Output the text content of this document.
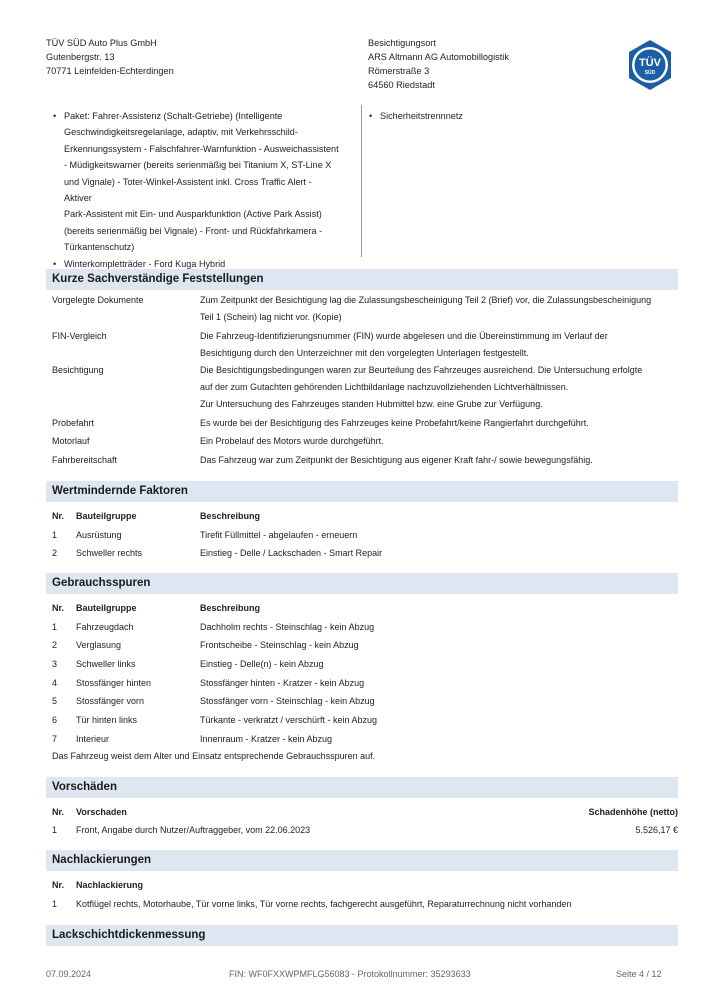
TÜV SÜD Auto Plus GmbH
Gutenbergstr. 13
70771 Leinfelden-Echterdingen
Besichtigungsort
ARS Altmann AG Automobillogistik
Römerstraße 3
64560 Riedstadt
TÜV
SÜD
• Paket: Fahrer-Assistenz (Schalt-Getriebe) (Intelligente
Geschwindigkeitsregelanlage, adaptiv, mit Verkehrsschild-
Erkennungssystem - Falschfahrer-Warnfunktion - Ausweichassistent
- Müdigkeitswarner (bereits serienmäßig bei Titanium X, ST-Line X
und Vignale) - Toter-Winkel-Assistent inkl. Cross Traffic Alert - Aktiver
Park-Assistent mit Ein- und Ausparkfunktion (Active Park Assist)
(bereits serienmäßig bei Vignale) - Front- und Rückfahrkamera -
Türkantenschutz)
• Winterkompletträder - Ford Kuga Hybrid
• Sicherheitstrennnetz
Kurze Sachverständige Feststellungen
Vorgelegte Dokumente	Zum Zeitpunkt der Besichtigung lag die Zulassungsbescheinigung Teil 2 (Brief) vor, die Zulassungsbescheinigung
Teil 1 (Schein) lag nicht vor. (Kopie)
FIN-Vergleich	Die Fahrzeug-Identifizierungsnummer (FIN) wurde abgelesen und die Übereinstimmung im Verlauf der
Besichtigung durch den Unterzeichner mit den vorgelegten Unterlagen festgestellt.
Besichtigung	Die Besichtigungsbedingungen waren zur Beurteilung des Fahrzeuges ausreichend. Die Untersuchung erfolgte
auf der zum Gutachten gehörenden Lichtbildanlage nachzuvollziehenden Lichtverhältnissen.
Zur Untersuchung des Fahrzeuges standen Hubmittel bzw. eine Grube zur Verfügung.
Probefahrt	Es wurde bei der Besichtigung des Fahrzeuges keine Probefahrt/keine Rangierfahrt durchgeführt.
Motorlauf	Ein Probelauf des Motors wurde durchgeführt.
Fahrbereitschaft	Das Fahrzeug war zum Zeitpunkt der Besichtigung aus eigener Kraft fahr-/ sowie bewegungsfähig.
Wertmindernde Faktoren
Nr. Bauteilgruppe	Beschreibung
1 Ausrüstung	Tirefit Füllmittel - abgelaufen - erneuern
2 Schweller rechts	Einstieg - Delle / Lackschaden - Smart Repair
Gebrauchsspuren
Nr. Bauteilgruppe	Beschreibung
1 Fahrzeugdach	Dachholm rechts - Steinschlag - kein Abzug
2 Verglasung	Frontscheibe - Steinschlag - kein Abzug
3 Schweller links	Einstieg - Delle(n) - kein Abzug
4 Stossfänger hinten	Stossfänger hinten - Kratzer - kein Abzug
5 Stossfänger vorn	Stossfänger vorn - Steinschlag - kein Abzug
6 Tür hinten links	Türkante - verkratzt / verschürft - kein Abzug
7 Interieur	Innenraum - Kratzer - kein Abzug
Das Fahrzeug weist dem Alter und Einsatz entsprechende Gebrauchsspuren auf.
Vorschäden
Nr. Vorschaden	Schadenhöhe (netto)
1 Front, Angabe durch Nutzer/Auftraggeber, vom 22.06.2023	5.526,17 €
Nachlackierungen
Nr. Nachlackierung
1 Kotflügel rechts, Motorhaube, Tür vorne links, Tür vorne rechts, fachgerecht ausgeführt, Reparaturrechnung nicht vorhanden
Lackschichtdickenmessung
07.09.2024	FIN: WF0FXXWPMFLG56083 - Protokollnummer: 35293633	Seite 4 / 12
